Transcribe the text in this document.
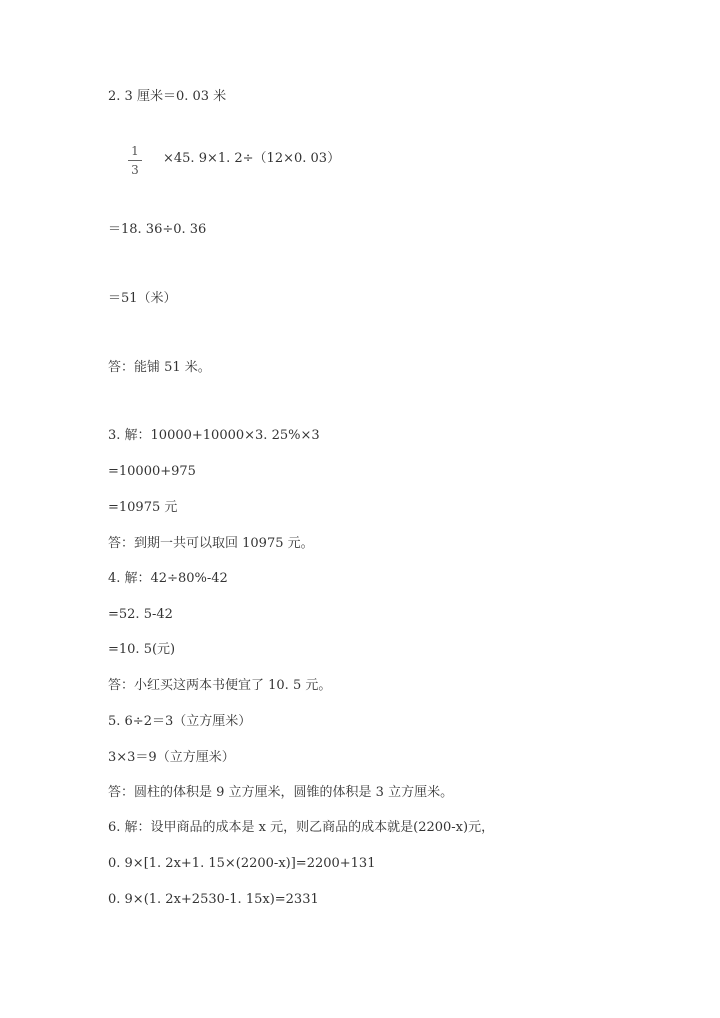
2. 3 厘米＝0. 03 米
1
3
×45. 9×1. 2÷（12×0. 03）
＝18. 36÷0. 36
＝51（米）
答：能铺 51 米。
3. 解：10000+10000×3. 25%×3
=10000+975
=10975 元
答：到期一共可以取回 10975 元。
4. 解：42÷80%-42
=52. 5-42
=10. 5(元)
答：小红买这两本书便宜了 10. 5 元。
5. 6÷2＝3（立方厘米）
3×3＝9（立方厘米）
答：圆柱的体积是 9 立方厘米，圆锥的体积是 3 立方厘米。
6. 解：设甲商品的成本是 x 元，则乙商品的成本就是(2200-x)元，
0. 9×[1. 2x+1. 15×(2200-x)]=2200+131
0. 9×(1. 2x+2530-1. 15x)=2331
